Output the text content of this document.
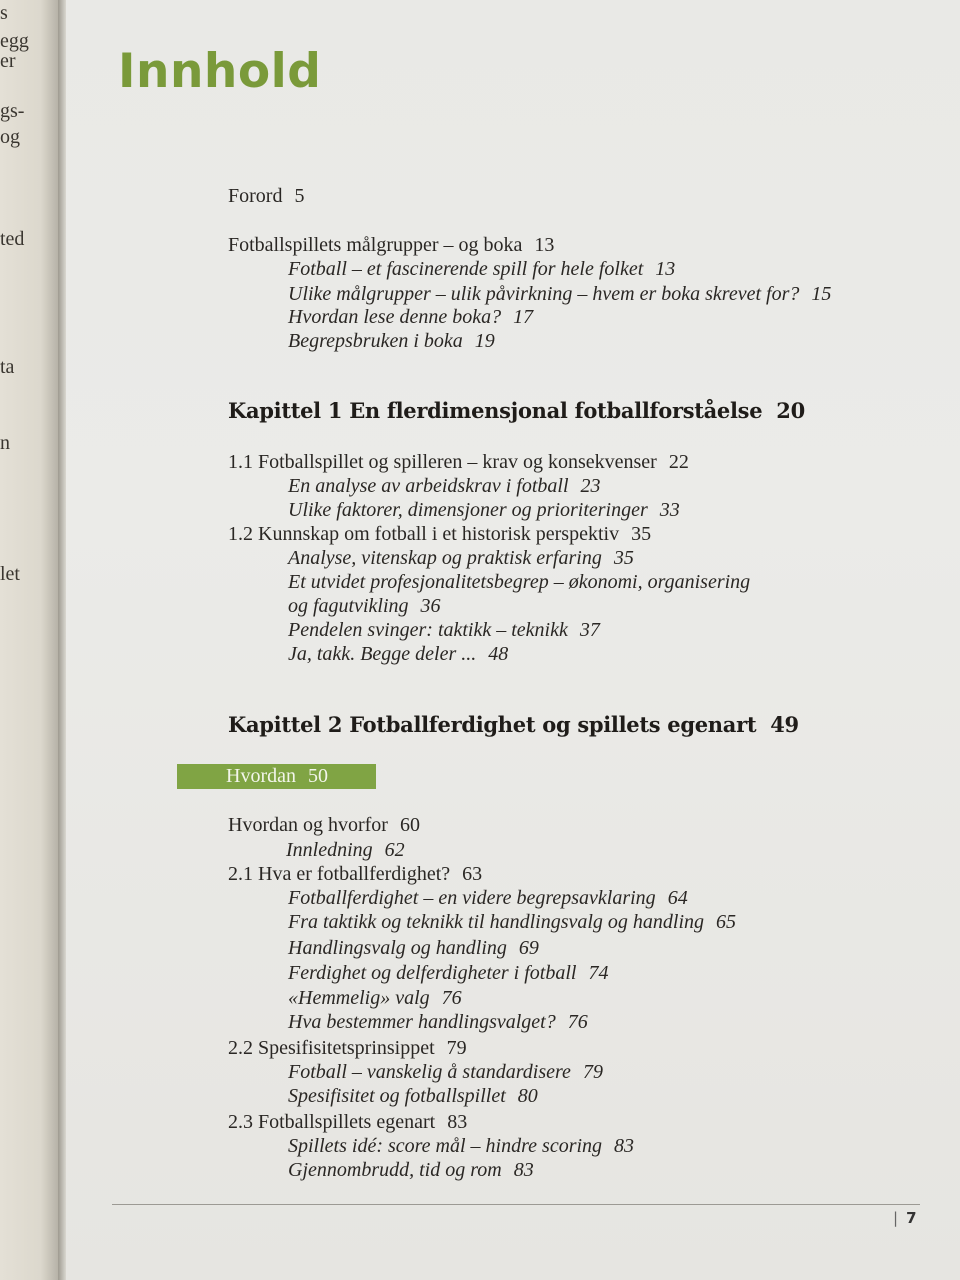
s
egg
er
gs-
og
ted
ta
n
let
Innhold
Forord 5
Fotballspillets målgrupper – og boka 13
Fotball – et fascinerende spill for hele folket 13
Ulike målgrupper – ulik påvirkning – hvem er boka skrevet for? 15
Hvordan lese denne boka? 17
Begrepsbruken i boka 19
Kapittel 1 En flerdimensjonal fotballforståelse 20
1.1 Fotballspillet og spilleren – krav og konsekvenser 22
En analyse av arbeidskrav i fotball 23
Ulike faktorer, dimensjoner og prioriteringer 33
1.2 Kunnskap om fotball i et historisk perspektiv 35
Analyse, vitenskap og praktisk erfaring 35
Et utvidet profesjonalitetsbegrep – økonomi, organisering
og fagutvikling 36
Pendelen svinger: taktikk – teknikk 37
Ja, takk. Begge deler ... 48
Kapittel 2 Fotballferdighet og spillets egenart 49
Hvordan 50
Hvordan og hvorfor 60
Innledning 62
2.1 Hva er fotballferdighet? 63
Fotballferdighet – en videre begrepsavklaring 64
Fra taktikk og teknikk til handlingsvalg og handling 65
Handlingsvalg og handling 69
Ferdighet og delferdigheter i fotball 74
«Hemmelig» valg 76
Hva bestemmer handlingsvalget? 76
2.2 Spesifisitetsprinsippet 79
Fotball – vanskelig å standardisere 79
Spesifisitet og fotballspillet 80
2.3 Fotballspillets egenart 83
Spillets idé: score mål – hindre scoring 83
Gjennombrudd, tid og rom 83
| 7
